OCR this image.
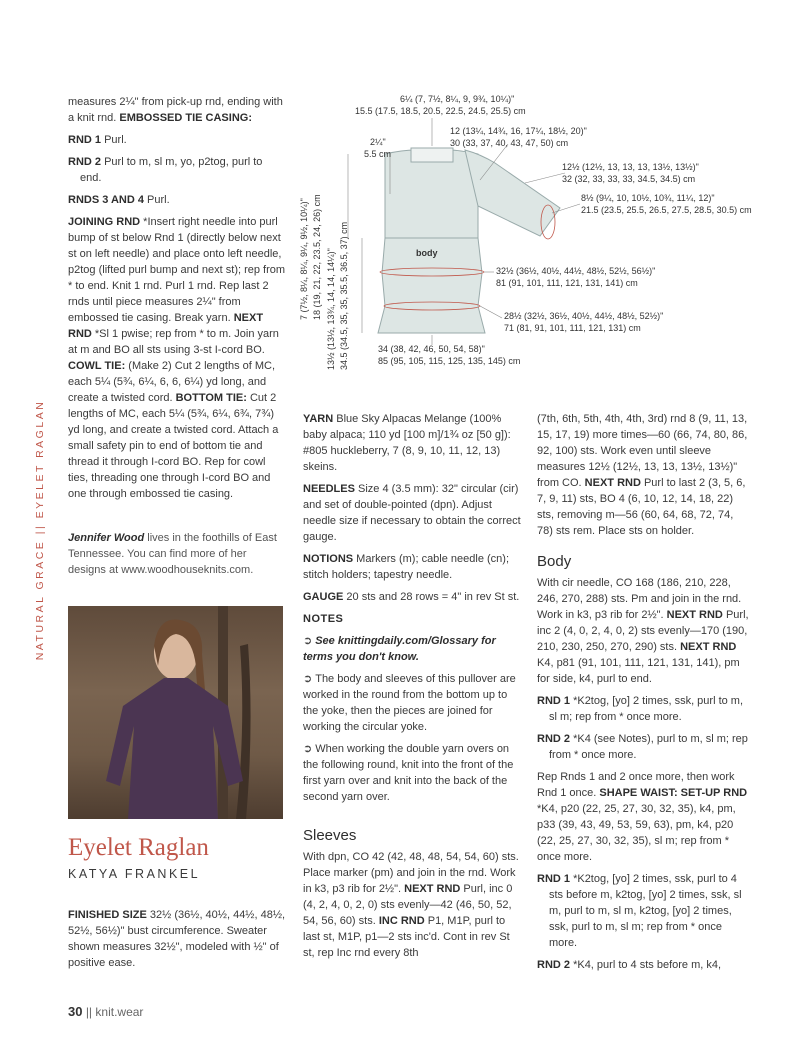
6¼ (7, 7½, 8¼, 9, 9¾, 10¼)"
15.5 (17.5, 18.5, 20.5, 22.5, 24.5, 25.5) cm
2¼"
5.5 cm
12 (13¼, 14¾, 16, 17¼, 18½, 20)"
30 (33, 37, 40, 43, 47, 50) cm
12½ (12½, 13, 13, 13, 13½, 13½)"
32 (32, 33, 33, 33, 34.5, 34.5) cm
8½ (9¼, 10, 10½, 10¾, 11¼, 12)"
21.5 (23.5, 25.5, 26.5, 27.5, 28.5, 30.5) cm
body
32½ (36½, 40½, 44½, 48½, 52½, 56½)"
81 (91, 101, 111, 121, 131, 141) cm
28½ (32½, 36½, 40½, 44½, 48½, 52½)"
71 (81, 91, 101, 111, 121, 131) cm
34 (38, 42, 46, 50, 54, 58)"
85 (95, 105, 115, 125, 135, 145) cm
7 (7½, 8¼, 8¼, 9¼, 9½, 10¼)" 18 (19, 21, 22, 23.5, 24, 26) cm 13½ (13½, 13¾, 14, 14, 14¼)" 34.5 (34.5, 35, 35, 35.5, 36.5, 37) cm

measures 2¼" from pick-up rnd, ending with a knit rnd. EMBOSSED TIE CASING:

RND 1 Purl.

RND 2 Purl to m, sl m, yo, p2tog, purl to end.

RNDS 3 AND 4 Purl.

JOINING RND *Insert right needle into purl bump of st below Rnd 1 (directly below next st on left needle) and place onto left needle, p2tog (lifted purl bump and next st); rep from * to end. Knit 1 rnd. Purl 1 rnd. Rep last 2 rnds until piece measures 2¼" from embossed tie casing. Break yarn. NEXT RND *Sl 1 pwise; rep from * to m. Join yarn at m and BO all sts using 3-st I-cord BO. COWL TIE: (Make 2) Cut 2 lengths of MC, each 5¼ (5¾, 6¼, 6, 6, 6¼) yd long, and create a twisted cord. BOTTOM TIE: Cut 2 lengths of MC, each 5¼ (5¾, 6¼, 6¾, 7¾) yd long, and create a twisted cord. Attach a small safety pin to end of bottom tie and thread it through I-cord BO. Rep for cowl ties, threading one through I-cord BO and one through embossed tie casing.

Jennifer Wood lives in the foothills of East Tennessee. You can find more of her designs at www.woodhouseknits.com.
Eyelet Raglan
KATYA FRANKEL
FINISHED SIZE 32½ (36½, 40½, 44½, 48½, 52½, 56½)" bust circumference. Sweater shown measures 32½", modeled with ½" of positive ease.

YARN Blue Sky Alpacas Melange (100% baby alpaca; 110 yd [100 m]/1¾ oz [50 g]): #805 huckleberry, 7 (8, 9, 10, 11, 12, 13) skeins.

NEEDLES Size 4 (3.5 mm): 32" circular (cir) and set of double-pointed (dpn). Adjust needle size if necessary to obtain the correct gauge.

NOTIONS Markers (m); cable needle (cn); stitch holders; tapestry needle.

GAUGE 20 sts and 28 rows = 4" in rev St st.

NOTES

➲ See knittingdaily.com/Glossary for terms you don't know.

➲ The body and sleeves of this pullover are worked in the round from the bottom up to the yoke, then the pieces are joined for working the circular yoke.

➲ When working the double yarn overs on the following round, knit into the front of the first yarn over and knit into the back of the second yarn over.

Sleeves

With dpn, CO 42 (42, 48, 48, 54, 54, 60) sts. Place marker (pm) and join in the rnd. Work in k3, p3 rib for 2½". NEXT RND Purl, inc 0 (4, 2, 4, 0, 2, 0) sts evenly—42 (46, 50, 52, 54, 56, 60) sts. INC RND P1, M1P, purl to last st, M1P, p1—2 sts inc'd. Cont in rev St st, rep Inc rnd every 8th

(7th, 6th, 5th, 4th, 4th, 3rd) rnd 8 (9, 11, 13, 15, 17, 19) more times—60 (66, 74, 80, 86, 92, 100) sts. Work even until sleeve measures 12½ (12½, 13, 13, 13½, 13½)" from CO. NEXT RND Purl to last 2 (3, 5, 6, 7, 9, 11) sts, BO 4 (6, 10, 12, 14, 18, 22) sts, removing m—56 (60, 64, 68, 72, 74, 78) sts rem. Place sts on holder.

Body

With cir needle, CO 168 (186, 210, 228, 246, 270, 288) sts. Pm and join in the rnd. Work in k3, p3 rib for 2½". NEXT RND Purl, inc 2 (4, 0, 2, 4, 0, 2) sts evenly—170 (190, 210, 230, 250, 270, 290) sts. NEXT RND K4, p81 (91, 101, 111, 121, 131, 141), pm for side, k4, purl to end.

RND 1 *K2tog, [yo] 2 times, ssk, purl to m, sl m; rep from * once more.

RND 2 *K4 (see Notes), purl to m, sl m; rep from * once more.

Rep Rnds 1 and 2 once more, then work Rnd 1 once. SHAPE WAIST: SET-UP RND *K4, p20 (22, 25, 27, 30, 32, 35), k4, pm, p33 (39, 43, 49, 53, 59, 63), pm, k4, p20 (22, 25, 27, 30, 32, 35), sl m; rep from * once more.

RND 1 *K2tog, [yo] 2 times, ssk, purl to 4 sts before m, k2tog, [yo] 2 times, ssk, sl m, purl to m, sl m, k2tog, [yo] 2 times, ssk, purl to m, sl m; rep from * once more.

RND 2 *K4, purl to 4 sts before m, k4,

NATURAL GRACE || EYELET RAGLAN
30 || knit.wear
